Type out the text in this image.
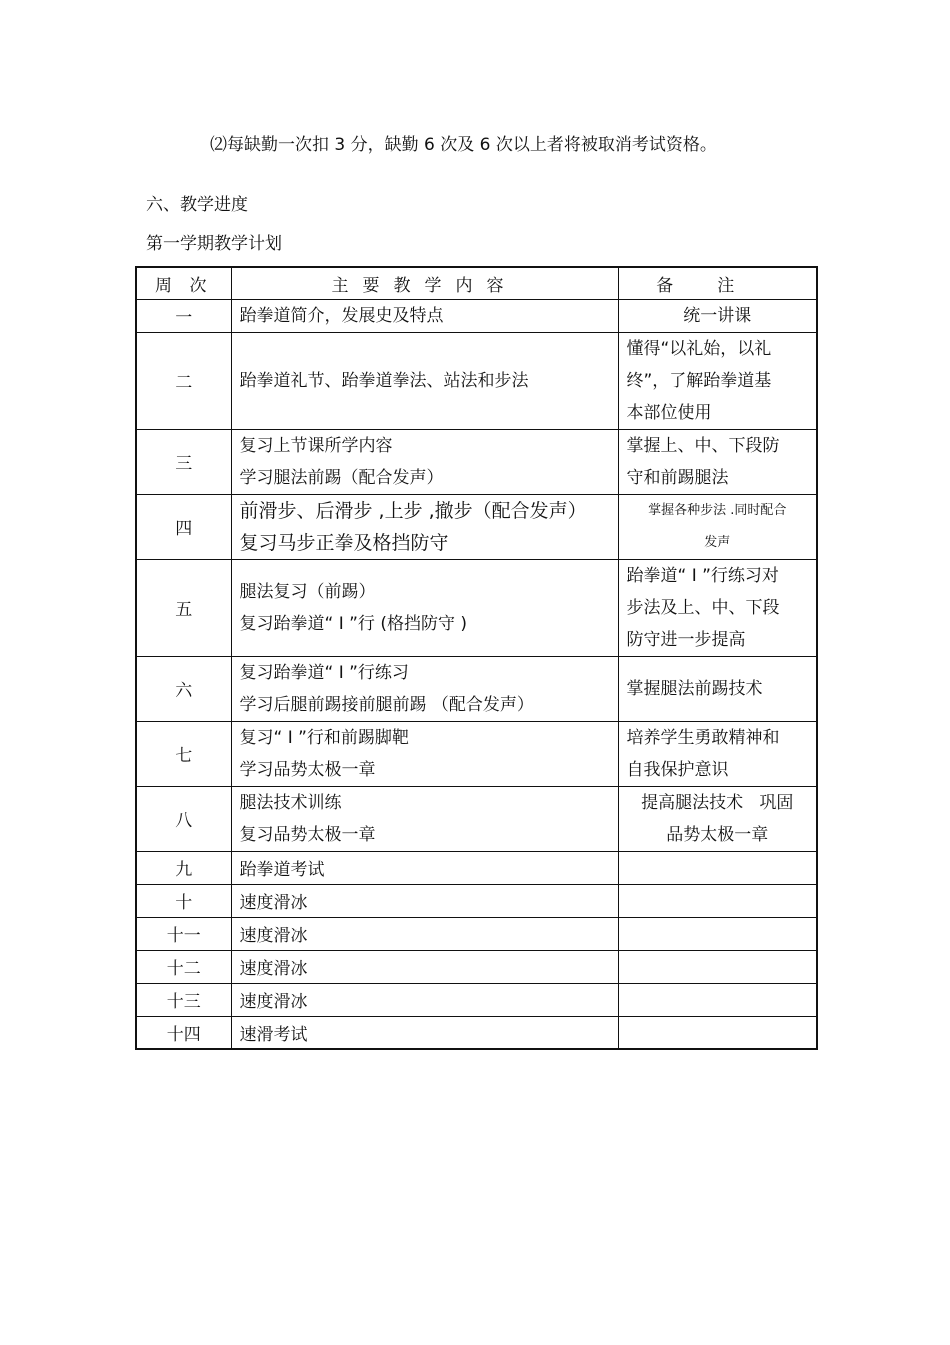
⑵每缺勤一次扣 3 分，缺勤 6 次及 6 次以上者将被取消考试资格。
六、教学进度
第一学期教学计划
周 次	主要教学内容	备注
一	跆拳道简介，发展史及特点	统一讲课

二	跆拳道礼节、跆拳道拳法、站法和步法	懂得“以礼始，以礼
终”，了解跆拳道基
本部位使用

三	复习上节课所学内容
学习腿法前踢（配合发声）	掌握上、中、下段防
守和前踢腿法

四	前滑步、后滑步 ,上步 ,撤步（配合发声）
复习马步正拳及格挡防守	掌握各种步法 .同时配合
发声

五	腿法复习（前踢）
复习跆拳道“ I ”行 (格挡防守 )	跆拳道“ I ”行练习对
步法及上、中、下段
防守进一步提高

六	复习跆拳道“ I ”行练习
学习后腿前踢接前腿前踢 （配合发声）	掌握腿法前踢技术

七	复习“ I ”行和前踢脚靶
学习品势太极一章	培养学生勇敢精神和
自我保护意识

八	腿法技术训练
复习品势太极一章	提高腿法技术   巩固
品势太极一章

九	跆拳道考试	
十	速度滑冰	
十一	速度滑冰	
十二	速度滑冰	
十三	速度滑冰	
十四	速滑考试	
